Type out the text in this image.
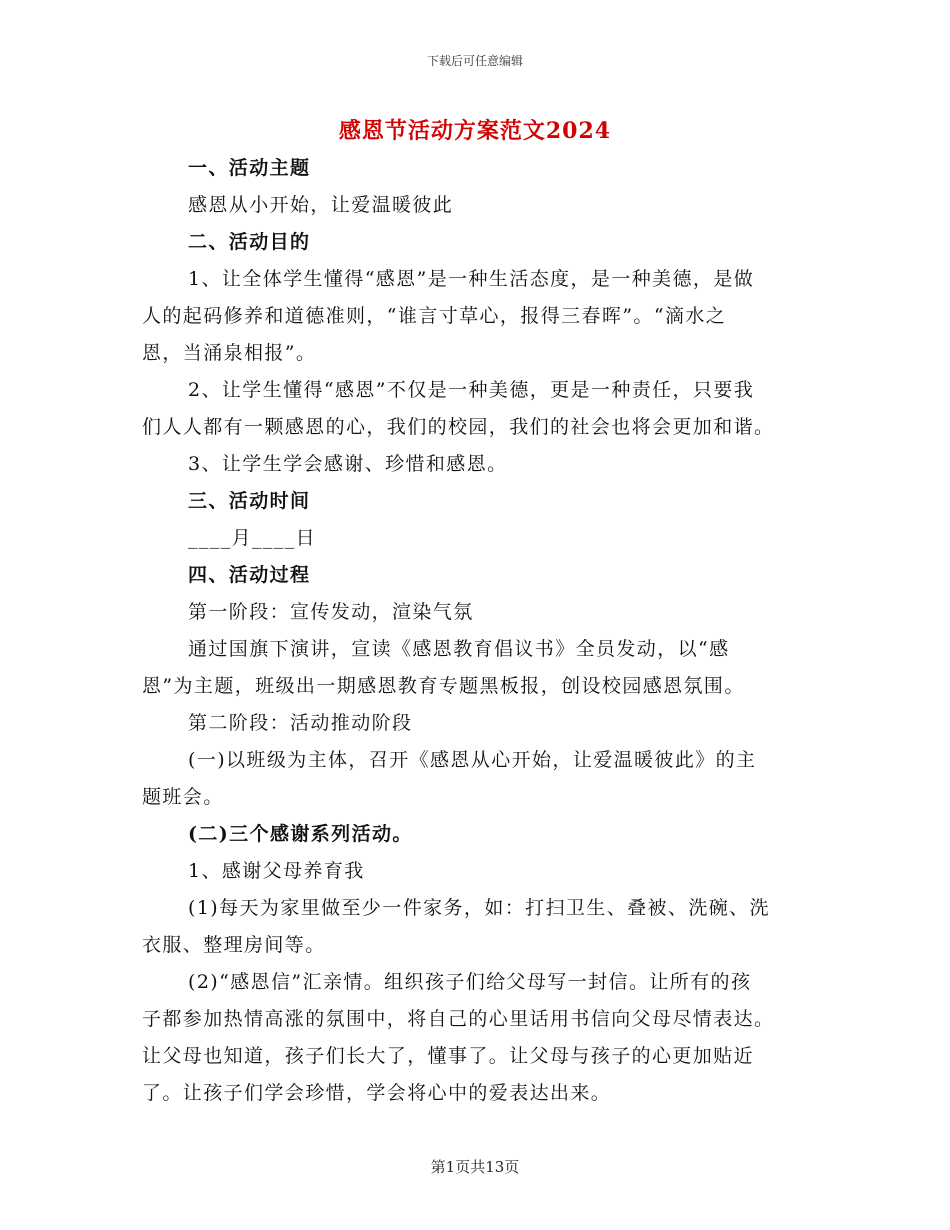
下载后可任意编辑
感恩节活动方案范文2024
一、活动主题
感恩从小开始，让爱温暖彼此
二、活动目的
1、让全体学生懂得“感恩”是一种生活态度，是一种美德，是做
人的起码修养和道德准则，“谁言寸草心，报得三春晖”。“滴水之
恩，当涌泉相报”。
2、让学生懂得“感恩”不仅是一种美德，更是一种责任，只要我
们人人都有一颗感恩的心，我们的校园，我们的社会也将会更加和谐。
3、让学生学会感谢、珍惜和感恩。
三、活动时间
____月____日
四、活动过程
第一阶段：宣传发动，渲染气氛
通过国旗下演讲，宣读《感恩教育倡议书》全员发动，以“感
恩”为主题，班级出一期感恩教育专题黑板报，创设校园感恩氛围。
第二阶段：活动推动阶段
(一)以班级为主体，召开《感恩从心开始，让爱温暖彼此》的主
题班会。
(二)三个感谢系列活动。
1、感谢父母养育我
(1)每天为家里做至少一件家务，如：打扫卫生、叠被、洗碗、洗
衣服、整理房间等。
(2)“感恩信”汇亲情。组织孩子们给父母写一封信。让所有的孩
子都参加热情高涨的氛围中，将自己的心里话用书信向父母尽情表达。
让父母也知道，孩子们长大了，懂事了。让父母与孩子的心更加贴近
了。让孩子们学会珍惜，学会将心中的爱表达出来。
第1页共13页
